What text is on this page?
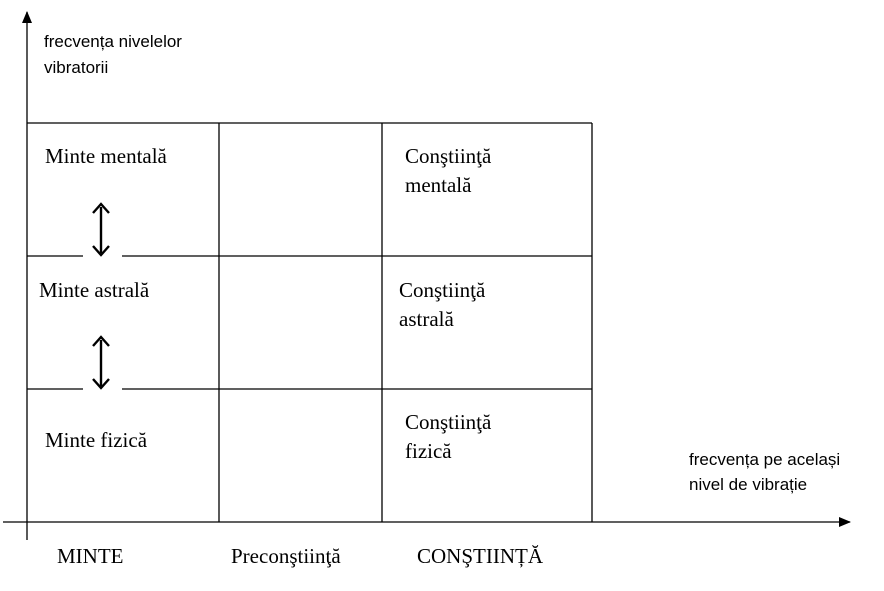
frecvența nivelelor
vibratorii
frecvența pe același
nivel de vibrație
Minte mentală
Minte astrală
Minte fizică
Conştiinţă
mentală
Conştiinţă
astrală
Conştiinţă
fizică
MINTE	Preconştiinţă	CONŞTIINȚĂ
